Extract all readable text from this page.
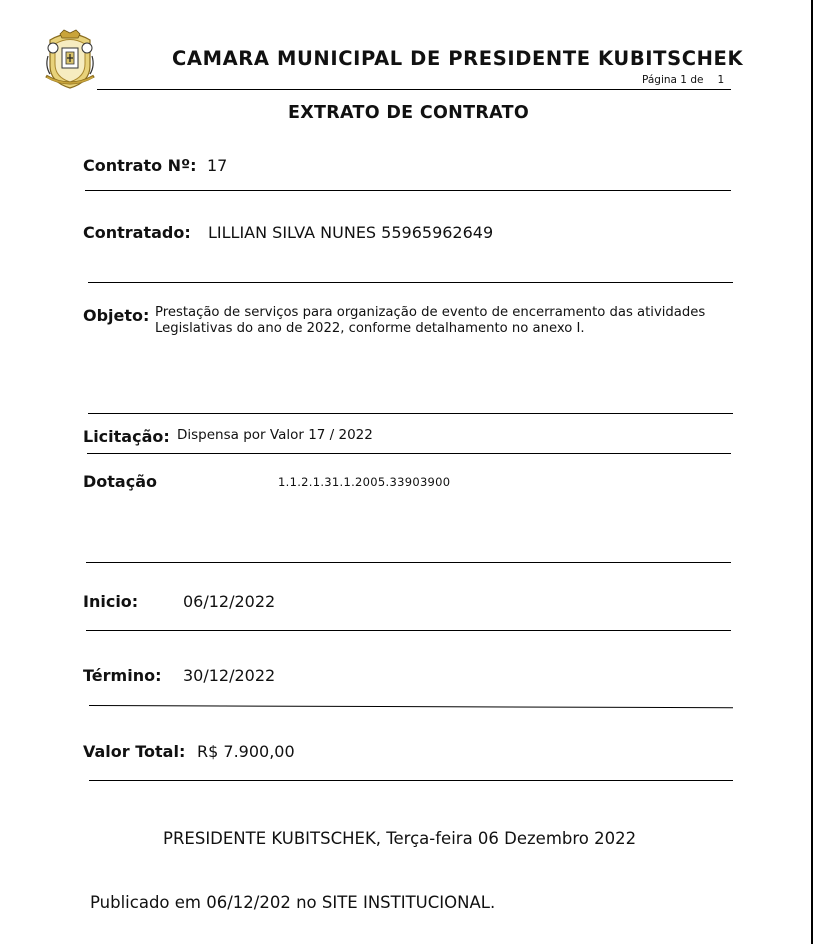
CAMARA MUNICIPAL DE PRESIDENTE KUBITSCHEK
Página 1 de 1
EXTRATO DE CONTRATO
Contrato Nº: 17
Contratado: LILLIAN SILVA NUNES 55965962649
Objeto: Prestação de serviços para organização de evento de encerramento das atividades
Legislativas do ano de 2022, conforme detalhamento no anexo I.
Licitação: Dispensa por Valor 17 / 2022
Dotação	1.1.2.1.31.1.2005.33903900
Inicio:	06/12/2022
Término: 30/12/2022
Valor Total: R$ 7.900,00
PRESIDENTE KUBITSCHEK, Terça-feira 06 Dezembro 2022
Publicado em 06/12/202 no SITE INSTITUCIONAL.
